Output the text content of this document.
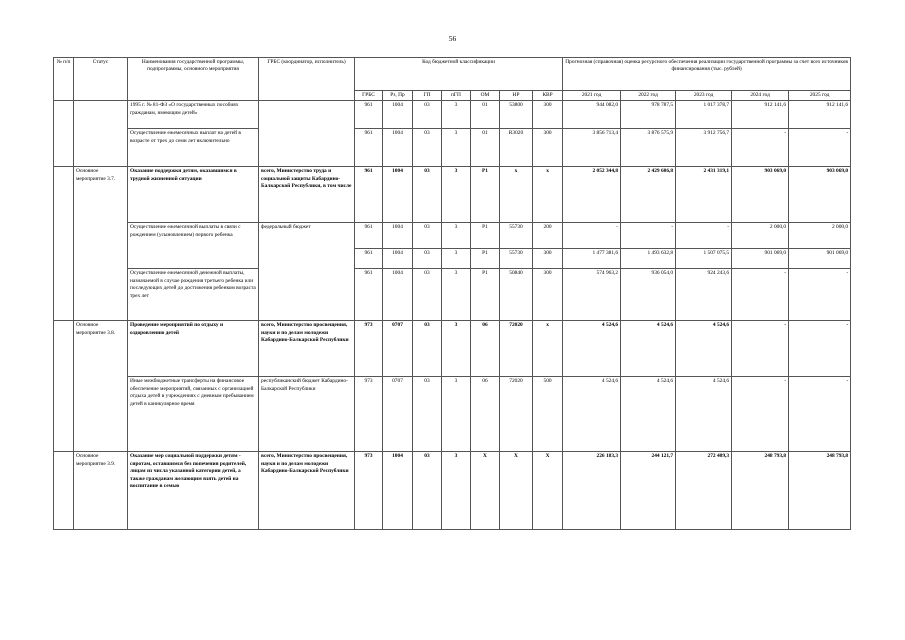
56
№ п/п	Статус	Наименования государственной программы, подпрограммы, основного мероприятия	ГРБС (координатор, исполнитель)	Код бюджетной классификации							Прогнозная (справочная) оценка ресурсного обеспечения реализации государственной программы за счет всех источников финансирования (тыс. рублей)				
				ГРБС	Рз, Пр	ГП	пГП	ОМ	НР	КВР	2021 год	2022 год	2023 год	2024 год	2025 год
		1995 г. № 81-ФЗ «О государственных пособиях гражданам, имеющим детей»		961	1004	03	3	01	53800	300	944 082,0	978 787,5	1 017 378,7	912 141,6	912 141,6
		Осуществление ежемесячных выплат на детей в возрасте от трех до семи лет включительно		961	1004	03	3	01	R3020	300	3 856 713,4	3 876 575,9	3 912 756,7	-	-
	Основное мероприятие 3.7.	Оказание поддержки детям, оказавшимся в трудной жизненной ситуации	всего, Министерство труда и социальной защиты Кабардино-Балкарской Республики, в том числе	961	1004	03	3	Р1	х	х	2 052 344,8	2 429 686,8	2 431 319,1	903 069,0	903 069,0
		Осуществление ежемесячной выплаты в связи с рождением (усыновлением) первого ребенка	федеральный бюджет	961	1004	03	3	Р1	55730	200	-	-	-	2 000,0	2 000,0
				961	1004	03	3	Р1	55730	300	1 477 381,6	1 493 632,8	1 507 075,5	901 069,0	901 069,0
		Осуществление ежемесячной денежной выплаты, назначаемой в случае рождения третьего ребенка или последующих детей до достижения ребенком возраста трех лет		961	1004	03	3	Р1	50840	300	574 963,2	936 054,0	924 243,6	-	-
	Основное мероприятие 3.8.	Проведение мероприятий по отдыху и оздоровлению детей	всего, Министерство просвещения, науки и по делам молодежи Кабардино-Балкарской Республики	973	0707	03	3	06	72020	х	4 524,6	4 524,6	4 524,6	-	-
		Иные межбюджетные трансферты на финансовое обеспечение мероприятий, связанных с организацией отдыха детей в учреждениях с дневным пребыванием детей в каникулярное время	республиканский бюджет Кабардино-Балкарской Республики	973	0707	03	3	06	72020	500	4 524,6	4 524,6	4 524,6	-	-
	Основное мероприятие 3.9.	Оказание мер социальной поддержки детям - сиротам, оставшимся без попечения родителей, лицам из числа указанной категории детей, а также гражданам желающим взять детей на воспитание в семью	всего, Министерство просвещения, науки и по делам молодежи Кабардино-Балкарской Республики	973	1004	03	3	Х	Х	Х	226 183,3	244 121,7	272 409,3	248 793,8	248 793,8
